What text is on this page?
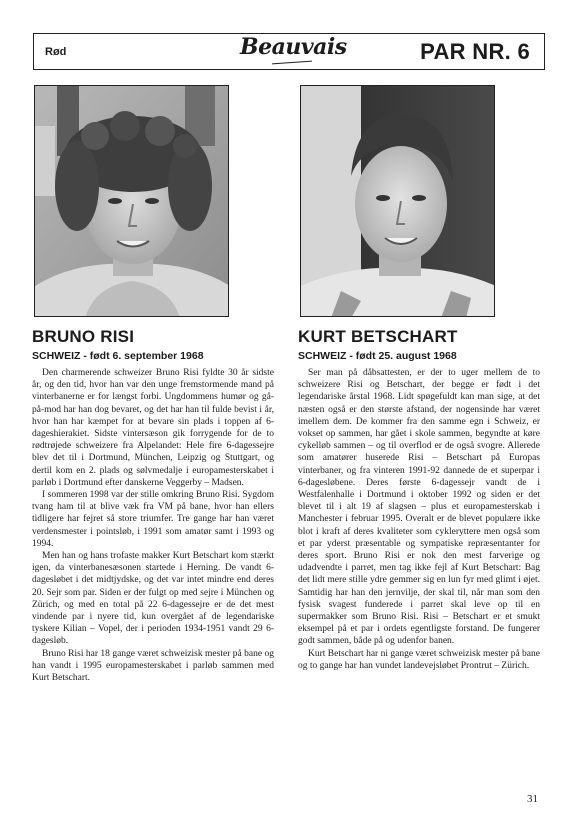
Rød	Beauvais	PAR NR. 6
BRUNO RISI
SCHWEIZ - født 6. september 1968

Den charmerende schweizer Bruno Risi fyldte 30 år sidste år, og den tid, hvor han var den unge fremstormende mand på vinterbanerne er for længst forbi. Ungdommens humør og gå-på-mod har han dog bevaret, og det har han til fulde bevist i år, hvor han har kæmpet for at bevare sin plads i toppen af 6-dageshierakiet. Sidste vintersæson gik forrygende for de to rødtrøjede schweizere fra Alpelandet: Hele fire 6-dagessejre blev det til i Dortmund, München, Leipzig og Stuttgart, og dertil kom en 2. plads og sølvmedalje i europamesterskabet i parløb i Dortmund efter danskerne Veggerby – Madsen.

I sommeren 1998 var der stille omkring Bruno Risi. Sygdom tvang ham til at blive væk fra VM på bane, hvor han ellers tidligere har fejret så store triumfer. Tre gange har han været verdensmester i pointsløb, i 1991 som amatør samt i 1993 og 1994.

Men han og hans trofaste makker Kurt Betschart kom stærkt igen, da vinterbanesæsonen startede i Herning. De vandt 6-dagesløbet i det midtjydske, og det var intet mindre end deres 20. Sejr som par. Siden er der fulgt op med sejre i München og Zürich, og med en total på 22 6-dagessejre er de det mest vindende par i nyere tid, kun overgået af de legendariske tyskere Kilian – Vopel, der i perioden 1934-1951 vandt 29 6-dagesløb.

Bruno Risi har 18 gange været schweizisk mester på bane og han vandt i 1995 europamesterskabet i parløb sammen med Kurt Betschart.

KURT BETSCHART
SCHWEIZ - født 25. august 1968

Ser man på dåbsattesten, er der to uger mellem de to schweizere Risi og Betschart, der begge er født i det legendariske årstal 1968. Lidt spøgefuldt kan man sige, at det næsten også er den største afstand, der nogensinde har været imellem dem. De kommer fra den samme egn i Schweiz, er vokset op sammen, har gået i skole sammen, begyndte at køre cykelløb sammen – og til overflod er de også svogre. Allerede som amatører huserede Risi – Betschart på Europas vinterbaner, og fra vinteren 1991-92 dannede de et superpar i 6-dagesløbene. Deres første 6-dagessejr vandt de i Westfalenhalle i Dortmund i oktober 1992 og siden er det blevet til i alt 19 af slagsen – plus et europamesterskab i Manchester i februar 1995. Overalt er de blevet populære ikke blot i kraft af deres kvaliteter som cykleryttere men også som et par yderst præsentable og sympatiske repræsentanter for deres sport. Bruno Risi er nok den mest farverige og udadvendte i parret, men tag ikke fejl af Kurt Betschart: Bag det lidt mere stille ydre gemmer sig en lun fyr med glimt i øjet. Samtidig har han den jernvilje, der skal til, når man som den fysisk svagest funderede i parret skal leve op til en supermakker som Bruno Risi. Risi – Betschart er et smukt eksempel på et par i ordets egentligste forstand. De fungerer godt sammen, både på og udenfor banen.

Kurt Betschart har ni gange været schweizisk mester på bane og to gange har han vundet landevejsløbet Prontrut – Zürich.

31
